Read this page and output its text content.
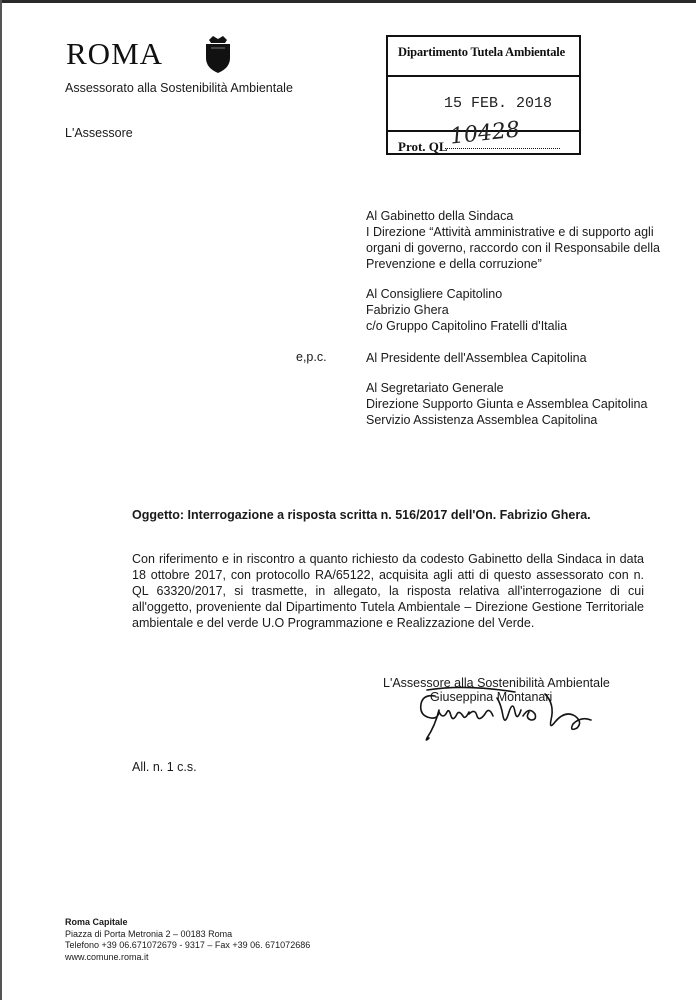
ROMA
Assessorato alla Sostenibilità Ambientale
L'Assessore
Dipartimento Tutela Ambientale
15 FEB. 2018
Prot. QL 10428
Al Gabinetto della Sindaca
I Direzione “Attività amministrative e di supporto agli
organi di governo, raccordo con il Responsabile della
Prevenzione e della corruzione”
Al Consigliere Capitolino
Fabrizio Ghera
c/o Gruppo Capitolino Fratelli d'Italia
e,p.c.	Al Presidente dell'Assemblea Capitolina
Al Segretariato Generale
Direzione Supporto Giunta e Assemblea Capitolina
Servizio Assistenza Assemblea Capitolina
Oggetto: Interrogazione a risposta scritta n. 516/2017 dell'On. Fabrizio Ghera.
Con riferimento e in riscontro a quanto richiesto da codesto Gabinetto della Sindaca in data 18 ottobre 2017, con protocollo RA/65122, acquisita agli atti di questo assessorato con n. QL 63320/2017, si trasmette, in allegato, la risposta relativa all'interrogazione di cui all'oggetto, proveniente dal Dipartimento Tutela Ambientale – Direzione Gestione Territoriale ambientale e del verde U.O Programmazione e Realizzazione del Verde.
L'Assessore alla Sostenibilità Ambientale
Giuseppina Montanari
All. n. 1 c.s.
Roma Capitale
Piazza di Porta Metronia 2 – 00183 Roma
Telefono +39 06.671072679 - 9317 – Fax +39 06. 671072686
www.comune.roma.it
